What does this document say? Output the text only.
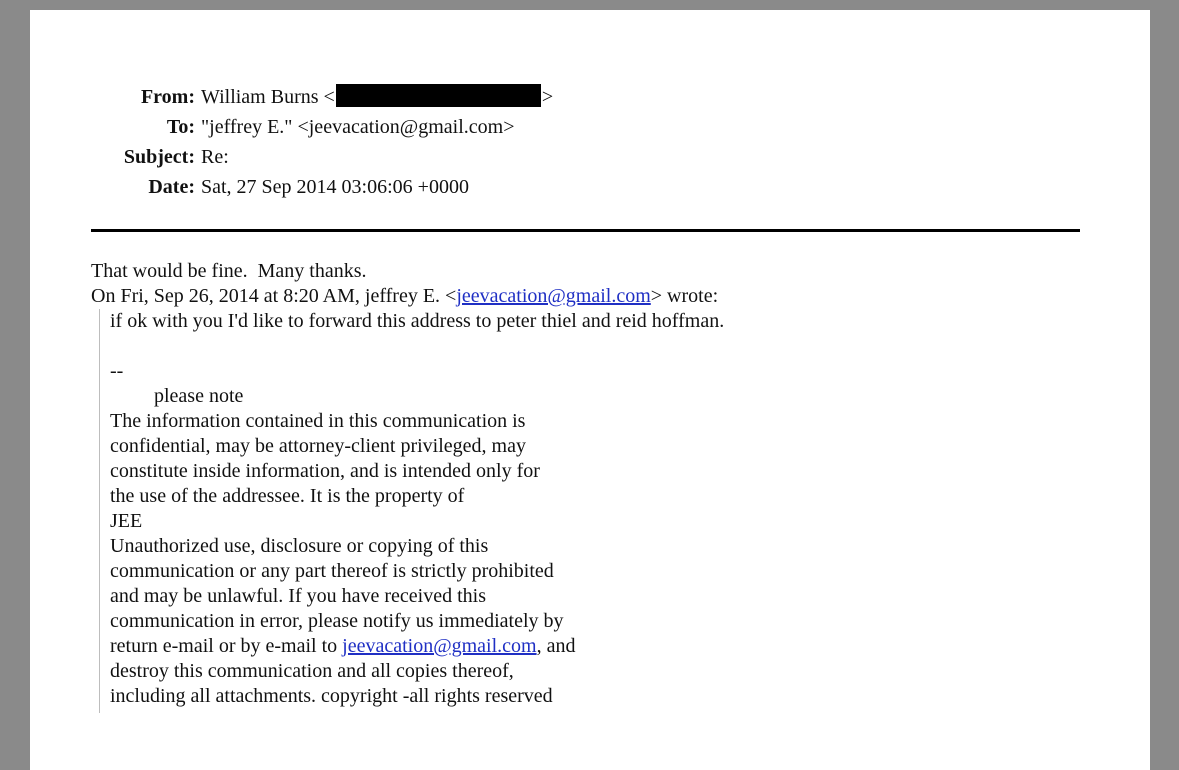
From: William Burns <	>
To: "jeffrey E." <jeevacation@gmail.com>
Subject: Re:
Date: Sat, 27 Sep 2014 03:06:06 +0000
That would be fine.  Many thanks.
On Fri, Sep 26, 2014 at 8:20 AM, jeffrey E. <jeevacation@gmail.com> wrote:
if ok with you I'd like to forward this address to peter thiel and reid hoffman.
--
please note
The information contained in this communication is
confidential, may be attorney-client privileged, may
constitute inside information, and is intended only for
the use of the addressee. It is the property of
JEE
Unauthorized use, disclosure or copying of this
communication or any part thereof is strictly prohibited
and may be unlawful. If you have received this
communication in error, please notify us immediately by
return e-mail or by e-mail to jeevacation@gmail.com, and
destroy this communication and all copies thereof,
including all attachments. copyright -all rights reserved
